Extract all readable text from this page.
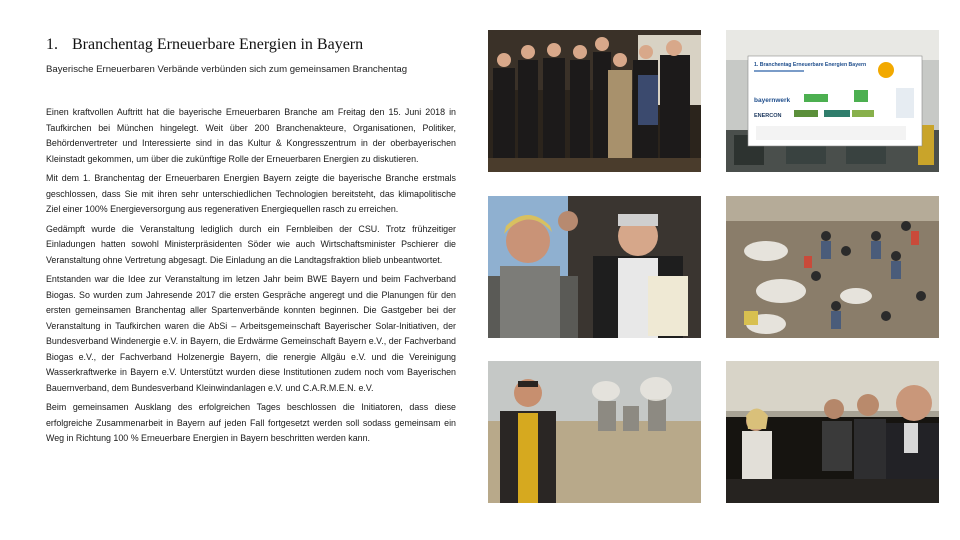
1. Branchentag Erneuerbare Energien in Bayern

Bayerische Erneuerbaren Verbände verbünden sich zum gemeinsamen Branchentag

Einen kraftvollen Auftritt hat die bayerische Erneuerbaren Branche am Freitag den 15. Juni 2018 in Taufkirchen bei München hingelegt. Weit über 200 Branchenakteure, Organisationen, Politiker, Behördenvertreter und Interessierte sind in das Kultur & Kongresszentrum in der oberbayerischen Kleinstadt gekommen, um über die zukünftige Rolle der Erneuerbaren Energien zu diskutieren.

Mit dem 1. Branchentag der Erneuerbaren Energien Bayern zeigte die bayerische Branche erstmals geschlossen, dass Sie mit ihren sehr unterschiedlichen Technologien bereitsteht, das klimapolitische Ziel einer 100% Energieversorgung aus regenerativen Energiequellen rasch zu erreichen.

Gedämpft wurde die Veranstaltung lediglich durch ein Fernbleiben der CSU. Trotz frühzeitiger Einladungen hatten sowohl Ministerpräsidenten Söder wie auch Wirtschaftsminister Pschierer die Veranstaltung ohne Vertretung abgesagt. Die Einladung an die Landtagsfraktion blieb unbeantwortet.

Entstanden war die Idee zur Veranstaltung im letzen Jahr beim BWE Bayern und beim Fachverband Biogas. So wurden zum Jahresende 2017 die ersten Gespräche angeregt und die Planungen für den ersten gemeinsamen Branchentag aller Spartenverbände konnten beginnen. Die Gastgeber bei der Veranstaltung in Taufkirchen waren die AbSi – Arbeitsgemeinschaft Bayerischer Solar-Initiativen, der Bundesverband Windenergie e.V. in Bayern, die Erdwärme Gemeinschaft Bayern e.V., der Fachverband Biogas e.V., der Fachverband Holzenergie Bayern, die renergie Allgäu e.V. und die Vereinigung Wasserkraftwerke in Bayern e.V. Unterstützt wurden diese Institutionen zudem noch vom Bayerischen Bauernverband, dem Bundesverband Kleinwindanlagen e.V. und C.A.R.M.E.N. e.V.

Beim gemeinsamen Ausklang des erfolgreichen Tages beschlossen die Initiatoren, dass diese erfolgreiche Zusammenarbeit in Bayern auf jeden Fall fortgesetzt werden soll sodass gemeinsam ein Weg in Richtung 100 % Erneuerbare Energien in Bayern beschritten werden kann.

1. Branchentag Erneuerbare Energien Bayern
bayernwerk
ENERCON
